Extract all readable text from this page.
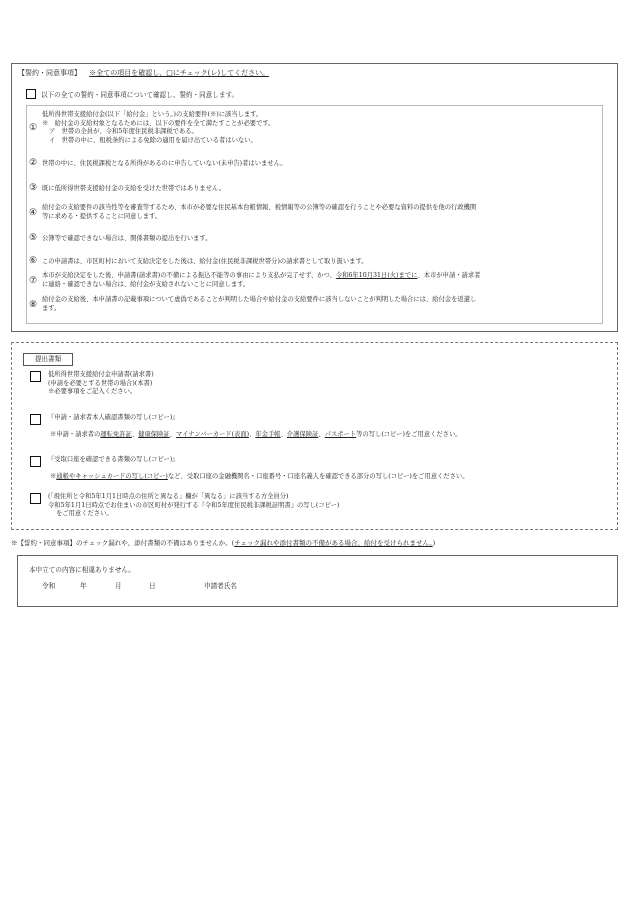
【誓約・同意事項】 ※全ての項目を確認し、□にチェック(レ)してください。
以下の全ての誓約・同意事項について確認し、誓約・同意します。
①
低所得世帯支援給付金(以下「給付金」という。)の支給要件(※)に該当します。
※　給付金の支給対象となるためには、以下の要件を全て満たすことが必要です。
ア　世帯の全員が、令和5年度住民税非課税である。
イ　世帯の中に、租税条約による免除の適用を届け出ている者はいない。
② 世帯の中に、住民税課税となる所得があるのに申告していない(未申告)者はいません。
③ 既に低所得世帯支援給付金の支給を受けた世帯ではありません。
④
給付金の支給要件の該当性等を審査等するため、本市が必要な住民基本台帳情報、税情報等の公簿等の確認を行うことや必要な資料の提供を他の行政機関
等に求める・提供することに同意します。
⑤ 公簿等で確認できない場合は、関係書類の提出を行います。
⑥ この申請書は、市区町村において支給決定をした後は、給付金(住民税非課税世帯分)の請求書として取り扱います。
⑦
本市が支給決定をした後、申請書(請求書)の不備による振込不能等の事由により支払が完了せず、かつ、令和6年10月31日(火)までに、本市が申請・請求者
に連絡・確認できない場合は、給付金が支給されないことに同意します。
⑧
給付金の支給後、本申請書の記載事項について虚偽であることが判明した場合や給付金の支給要件に該当しないことが判明した場合には、給付金を返還し
ます。
提出書類
低所得世帯支援給付金申請書(請求書)
(申請を必要とする世帯の場合)(本書)
※必要事項をご記入ください。
『申請・請求者本人確認書類の写し(コピー)』
※申請・請求者の運転免許証、健康保険証、マイナンバーカード(表面)、年金手帳、介護保険証、パスポート等の写し(コピー)をご用意ください。
『受取口座を確認できる書類の写し(コピー)』
※通帳やキャッシュカードの写し(コピー)など、受取口座の金融機関名・口座番号・口座名義人を確認できる部分の写し(コピー)をご用意ください。
(「現住所と令和5年1月1日時点の住所と異なる」欄が「異なる」に該当する方全員分)
令和5年1月1日時点でお住まいの市区町村が発行する『令和5年度住民税非課税証明書』の写し(コピー)
をご用意ください。
※【誓約・同意事項】のチェック漏れや、添付書類の不備はありませんか。(チェック漏れや添付書類の不備がある場合、給付を受けられません。)
本申立ての内容に相違ありません。
令和	年	月	日	申請者氏名
